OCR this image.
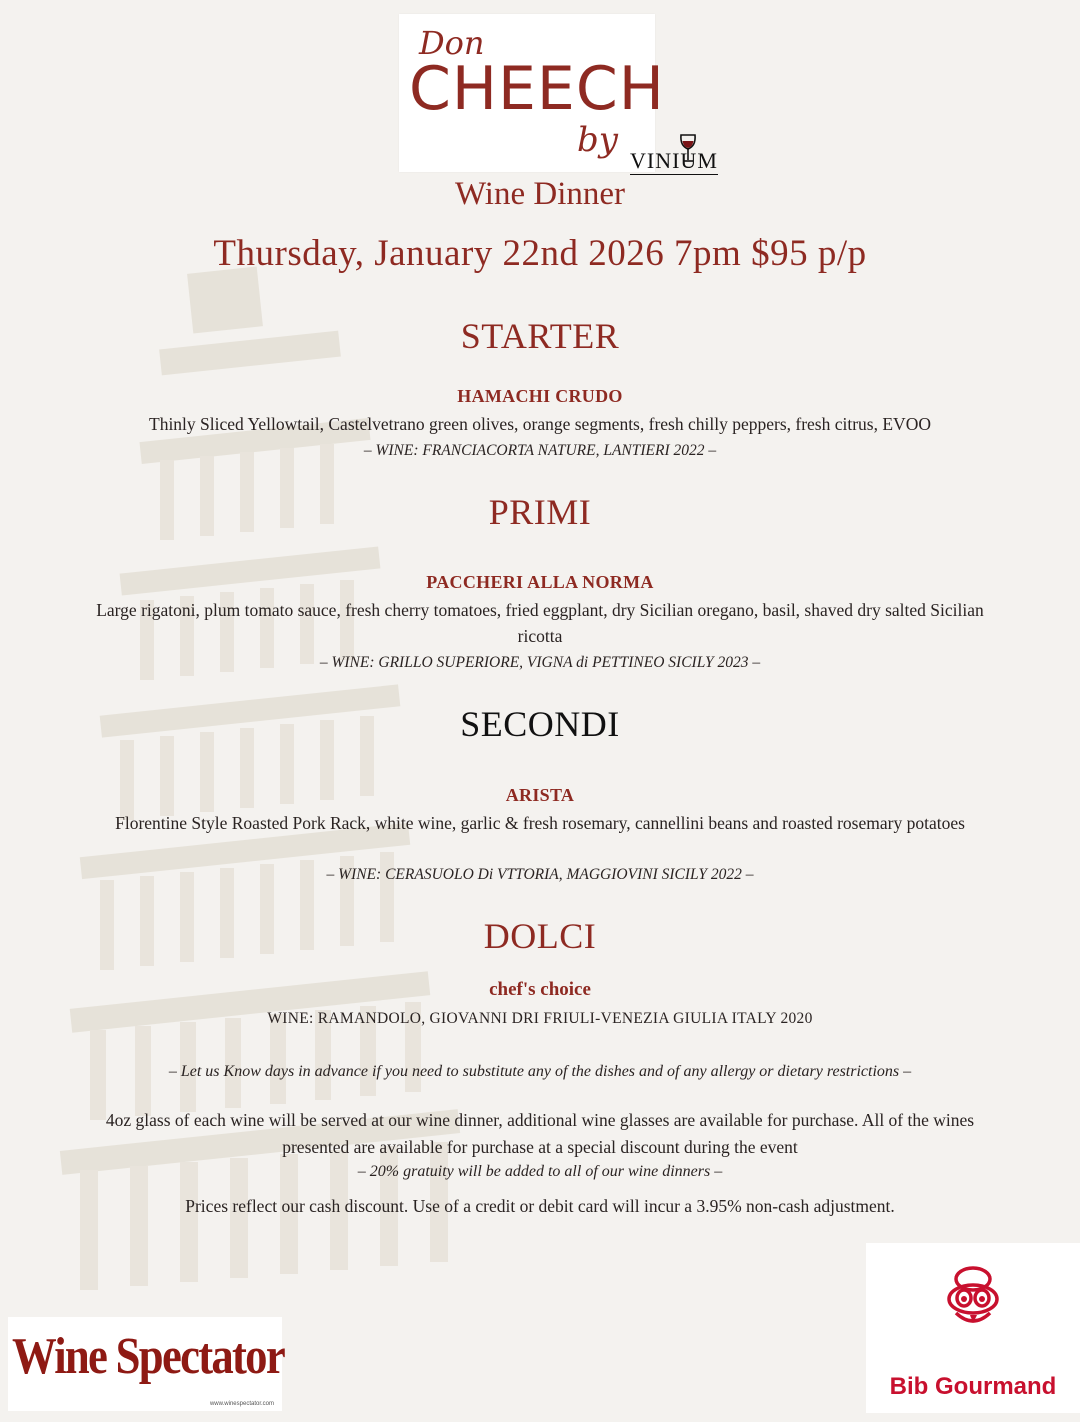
Don
CHEECH
by
VINIUM
Wine Dinner
Thursday, January 22nd 2026 7pm $95 p/p
STARTER
HAMACHI CRUDO
Thinly Sliced Yellowtail, Castelvetrano green olives, orange segments, fresh chilly peppers, fresh citrus, EVOO
– WINE: FRANCIACORTA NATURE, LANTIERI 2022 –
PRIMI
PACCHERI ALLA NORMA
Large rigatoni, plum tomato sauce, fresh cherry tomatoes, fried eggplant, dry Sicilian oregano, basil, shaved dry salted Sicilian ricotta
– WINE: GRILLO SUPERIORE, VIGNA di PETTINEO SICILY 2023 –
SECONDI
ARISTA
Florentine Style Roasted Pork Rack, white wine, garlic & fresh rosemary, cannellini beans and roasted rosemary potatoes
– WINE: CERASUOLO Di VTTORIA, MAGGIOVINI SICILY 2022 –
DOLCI
chef's choice
WINE: RAMANDOLO, GIOVANNI DRI FRIULI-VENEZIA GIULIA ITALY 2020
– Let us Know days in advance if you need to substitute any of the dishes and of any allergy or dietary restrictions –
4oz glass of each wine will be served at our wine dinner, additional wine glasses are available for purchase. All of the wines presented are available for purchase at a special discount during the event
– 20% gratuity will be added to all of our wine dinners –
Prices reflect our cash discount. Use of a credit or debit card will incur a 3.95% non-cash adjustment.
Wine Spectator
www.winespectator.com
Bib Gourmand
